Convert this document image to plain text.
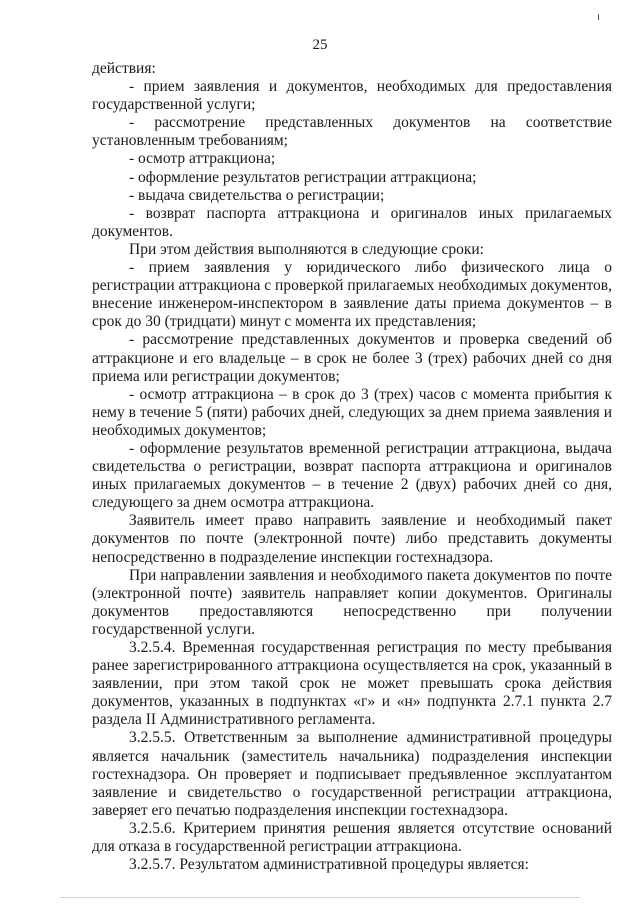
25

действия:

- прием заявления и документов, необходимых для предоставления государственной услуги;

- рассмотрение представленных документов на соответствие установленным требованиям;

- осмотр аттракциона;

- оформление результатов регистрации аттракциона;

- выдача свидетельства о регистрации;

- возврат паспорта аттракциона и оригиналов иных прилагаемых документов.

При этом действия выполняются в следующие сроки:

- прием заявления у юридического либо физического лица о регистрации аттракциона с проверкой прилагаемых необходимых документов, внесение инженером-инспектором в заявление даты приема документов – в срок до 30 (тридцати) минут с момента их представления;

- рассмотрение представленных документов и проверка сведений об аттракционе и его владельце – в срок не более 3 (трех) рабочих дней со дня приема или регистрации документов;

- осмотр аттракциона – в срок до 3 (трех) часов с момента прибытия к нему в течение 5 (пяти) рабочих дней, следующих за днем приема заявления и необходимых документов;

- оформление результатов временной регистрации аттракциона, выдача свидетельства о регистрации, возврат паспорта аттракциона и оригиналов иных прилагаемых документов – в течение 2 (двух) рабочих дней со дня, следующего за днем осмотра аттракциона.

Заявитель имеет право направить заявление и необходимый пакет документов по почте (электронной почте) либо представить документы непосредственно в подразделение инспекции гостехнадзора.

При направлении заявления и необходимого пакета документов по почте (электронной почте) заявитель направляет копии документов. Оригиналы документов предоставляются непосредственно при получении государственной услуги.

3.2.5.4. Временная государственная регистрация по месту пребывания ранее зарегистрированного аттракциона осуществляется на срок, указанный в заявлении, при этом такой срок не может превышать срока действия документов, указанных в подпунктах «г» и «н» подпункта 2.7.1 пункта 2.7 раздела II Административного регламента.

3.2.5.5. Ответственным за выполнение административной процедуры является начальник (заместитель начальника) подразделения инспекции гостехнадзора. Он проверяет и подписывает предъявленное эксплуатантом заявление и свидетельство о государственной регистрации аттракциона, заверяет его печатью подразделения инспекции гостехнадзора.

3.2.5.6. Критерием принятия решения является отсутствие оснований для отказа в государственной регистрации аттракциона.

3.2.5.7. Результатом административной процедуры является:
